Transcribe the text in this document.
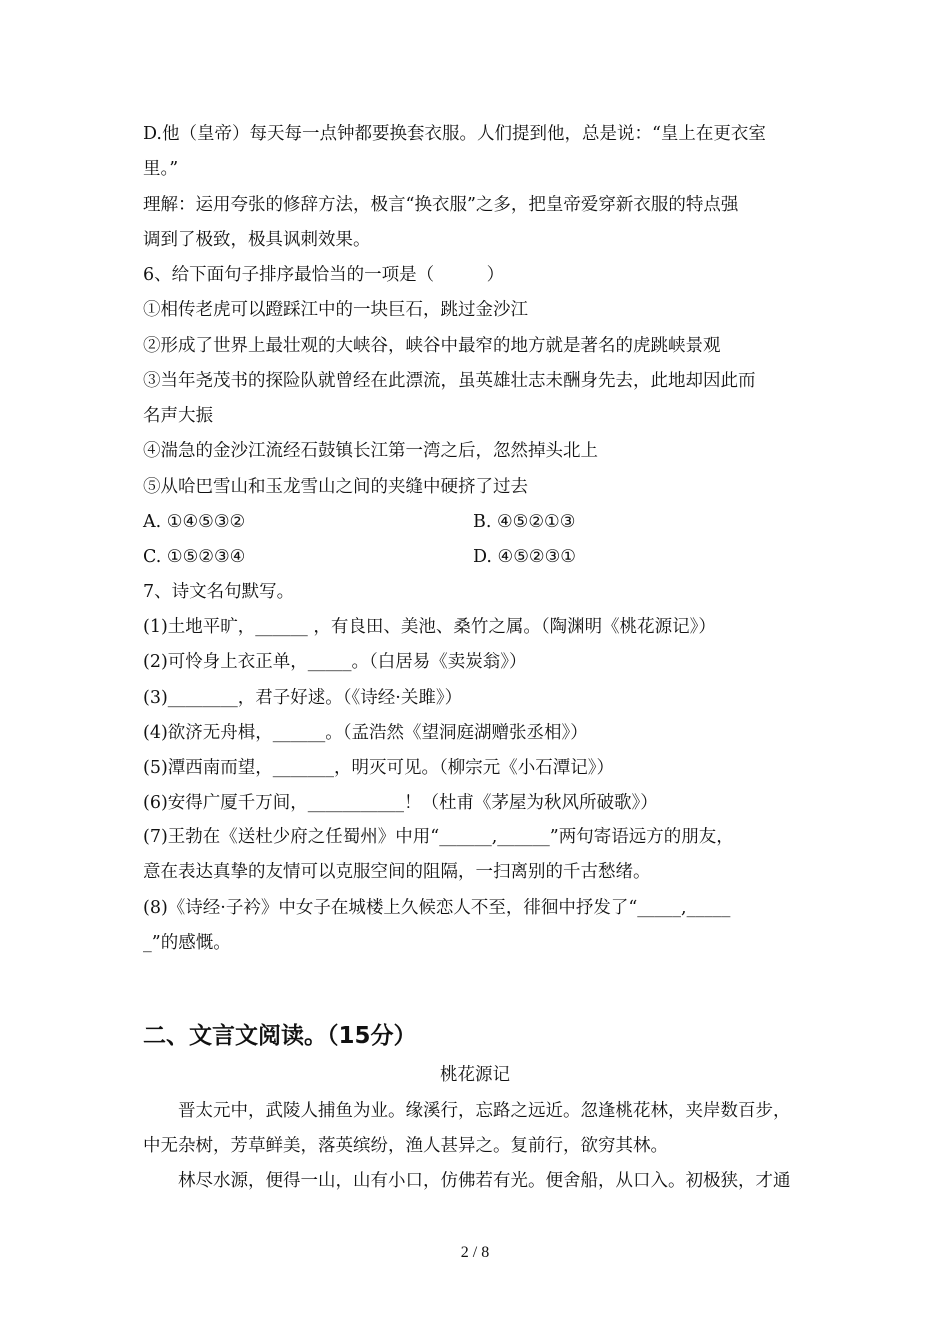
D.他（皇帝）每天每一点钟都要换套衣服。人们提到他，总是说：“皇上在更衣室
里。”
理解：运用夸张的修辞方法，极言“换衣服”之多，把皇帝爱穿新衣服的特点强
调到了极致，极具讽刺效果。
6、给下面句子排序最恰当的一项是（　　　）
①相传老虎可以蹬踩江中的一块巨石，跳过金沙江
②形成了世界上最壮观的大峡谷，峡谷中最窄的地方就是著名的虎跳峡景观
③当年尧茂书的探险队就曾经在此漂流，虽英雄壮志未酬身先去，此地却因此而
名声大振
④湍急的金沙江流经石鼓镇长江第一湾之后，忽然掉头北上
⑤从哈巴雪山和玉龙雪山之间的夹缝中硬挤了过去
A. ①④⑤③②	B. ④⑤②①③
C. ①⑤②③④	D. ④⑤②③①
7、诗文名句默写。
(1)土地平旷，______ ，有良田、美池、桑竹之属。（陶渊明《桃花源记》）
(2)可怜身上衣正单，_____。（白居易《卖炭翁》）
(3)________，君子好逑。（《诗经·关雎》）
(4)欲济无舟楫，______。（孟浩然《望洞庭湖赠张丞相》）
(5)潭西南而望，_______，明灭可见。（柳宗元《小石潭记》）
(6)安得广厦千万间，___________！（杜甫《茅屋为秋风所破歌》）
(7)王勃在《送杜少府之任蜀州》中用“______,______”两句寄语远方的朋友，
意在表达真挚的友情可以克服空间的阻隔，一扫离别的千古愁绪。
(8)《诗经·子衿》中女子在城楼上久候恋人不至，徘徊中抒发了“_____,_____
_”的感慨。
二、文言文阅读。（15分）
桃花源记
晋太元中，武陵人捕鱼为业。缘溪行，忘路之远近。忽逢桃花林，夹岸数百步，
中无杂树，芳草鲜美，落英缤纷，渔人甚异之。复前行，欲穷其林。
林尽水源，便得一山，山有小口，仿佛若有光。便舍船，从口入。初极狭，才通
2 / 8
